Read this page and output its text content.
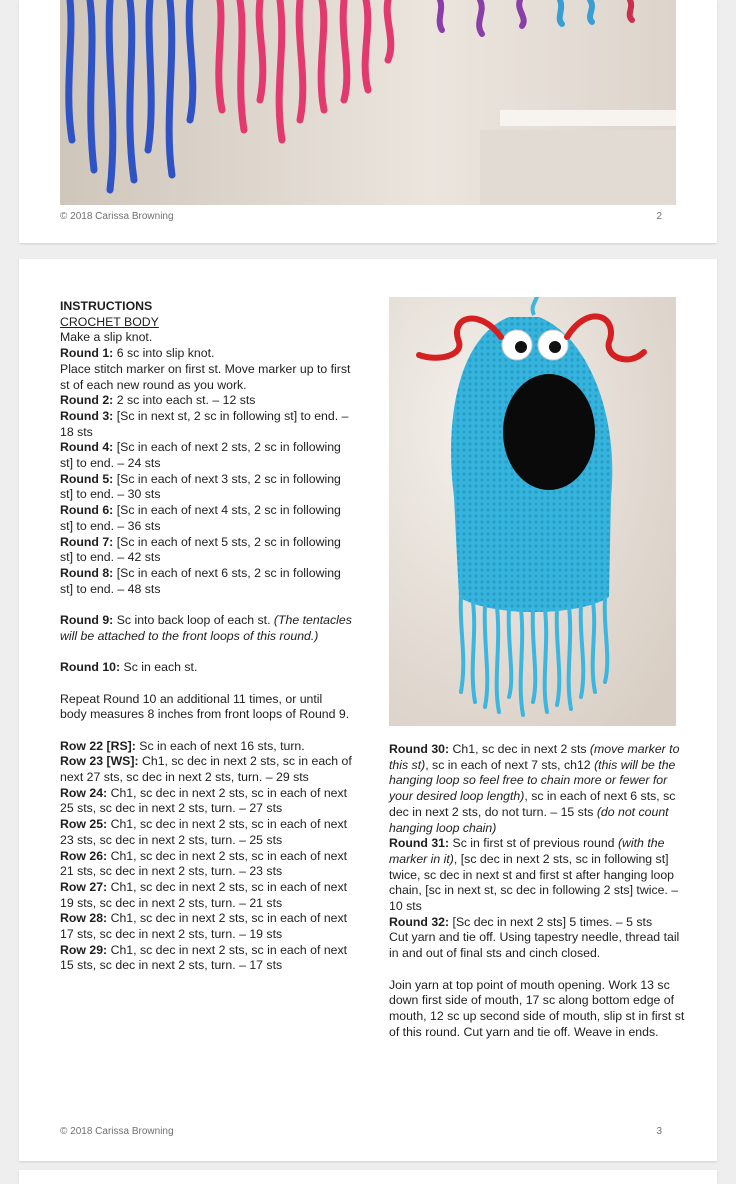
© 2018 Carissa Browning	2
INSTRUCTIONS
CROCHET BODY
Make a slip knot.
Round 1: 6 sc into slip knot.
Place stitch marker on first st. Move marker up to first st of each new round as you work.
Round 2: 2 sc into each st. – 12 sts
Round 3: [Sc in next st, 2 sc in following st] to end. – 18 sts
Round 4: [Sc in each of next 2 sts, 2 sc in following st] to end. – 24 sts
Round 5: [Sc in each of next 3 sts, 2 sc in following st] to end. – 30 sts
Round 6: [Sc in each of next 4 sts, 2 sc in following st] to end. – 36 sts
Round 7: [Sc in each of next 5 sts, 2 sc in following st] to end. – 42 sts
Round 8: [Sc in each of next 6 sts, 2 sc in following st] to end. – 48 sts
Round 9: Sc into back loop of each st. (The tentacles will be attached to the front loops of this round.)
Round 10: Sc in each st.
Repeat Round 10 an additional 11 times, or until body measures 8 inches from front loops of Round 9.
Row 22 [RS]: Sc in each of next 16 sts, turn.
Row 23 [WS]: Ch1, sc dec in next 2 sts, sc in each of next 27 sts, sc dec in next 2 sts, turn. – 29 sts
Row 24: Ch1, sc dec in next 2 sts, sc in each of next 25 sts, sc dec in next 2 sts, turn. – 27 sts
Row 25: Ch1, sc dec in next 2 sts, sc in each of next 23 sts, sc dec in next 2 sts, turn. – 25 sts
Row 26: Ch1, sc dec in next 2 sts, sc in each of next 21 sts, sc dec in next 2 sts, turn. – 23 sts
Row 27: Ch1, sc dec in next 2 sts, sc in each of next 19 sts, sc dec in next 2 sts, turn. – 21 sts
Row 28: Ch1, sc dec in next 2 sts, sc in each of next 17 sts, sc dec in next 2 sts, turn. – 19 sts
Row 29: Ch1, sc dec in next 2 sts, sc in each of next 15 sts, sc dec in next 2 sts, turn. – 17 sts
Round 30: Ch1, sc dec in next 2 sts (move marker to this st), sc in each of next 7 sts, ch12 (this will be the hanging loop so feel free to chain more or fewer for your desired loop length), sc in each of next 6 sts, sc dec in next 2 sts, do not turn. – 15 sts (do not count hanging loop chain)
Round 31: Sc in first st of previous round (with the marker in it), [sc dec in next 2 sts, sc in following st] twice, sc dec in next st and first st after hanging loop chain, [sc in next st, sc dec in following 2 sts] twice. – 10 sts
Round 32: [Sc dec in next 2 sts] 5 times. – 5 sts
Cut yarn and tie off. Using tapestry needle, thread tail in and out of final sts and cinch closed.
Join yarn at top point of mouth opening. Work 13 sc down first side of mouth, 17 sc along bottom edge of mouth, 12 sc up second side of mouth, slip st in first st of this round. Cut yarn and tie off. Weave in ends.
© 2018 Carissa Browning	3
